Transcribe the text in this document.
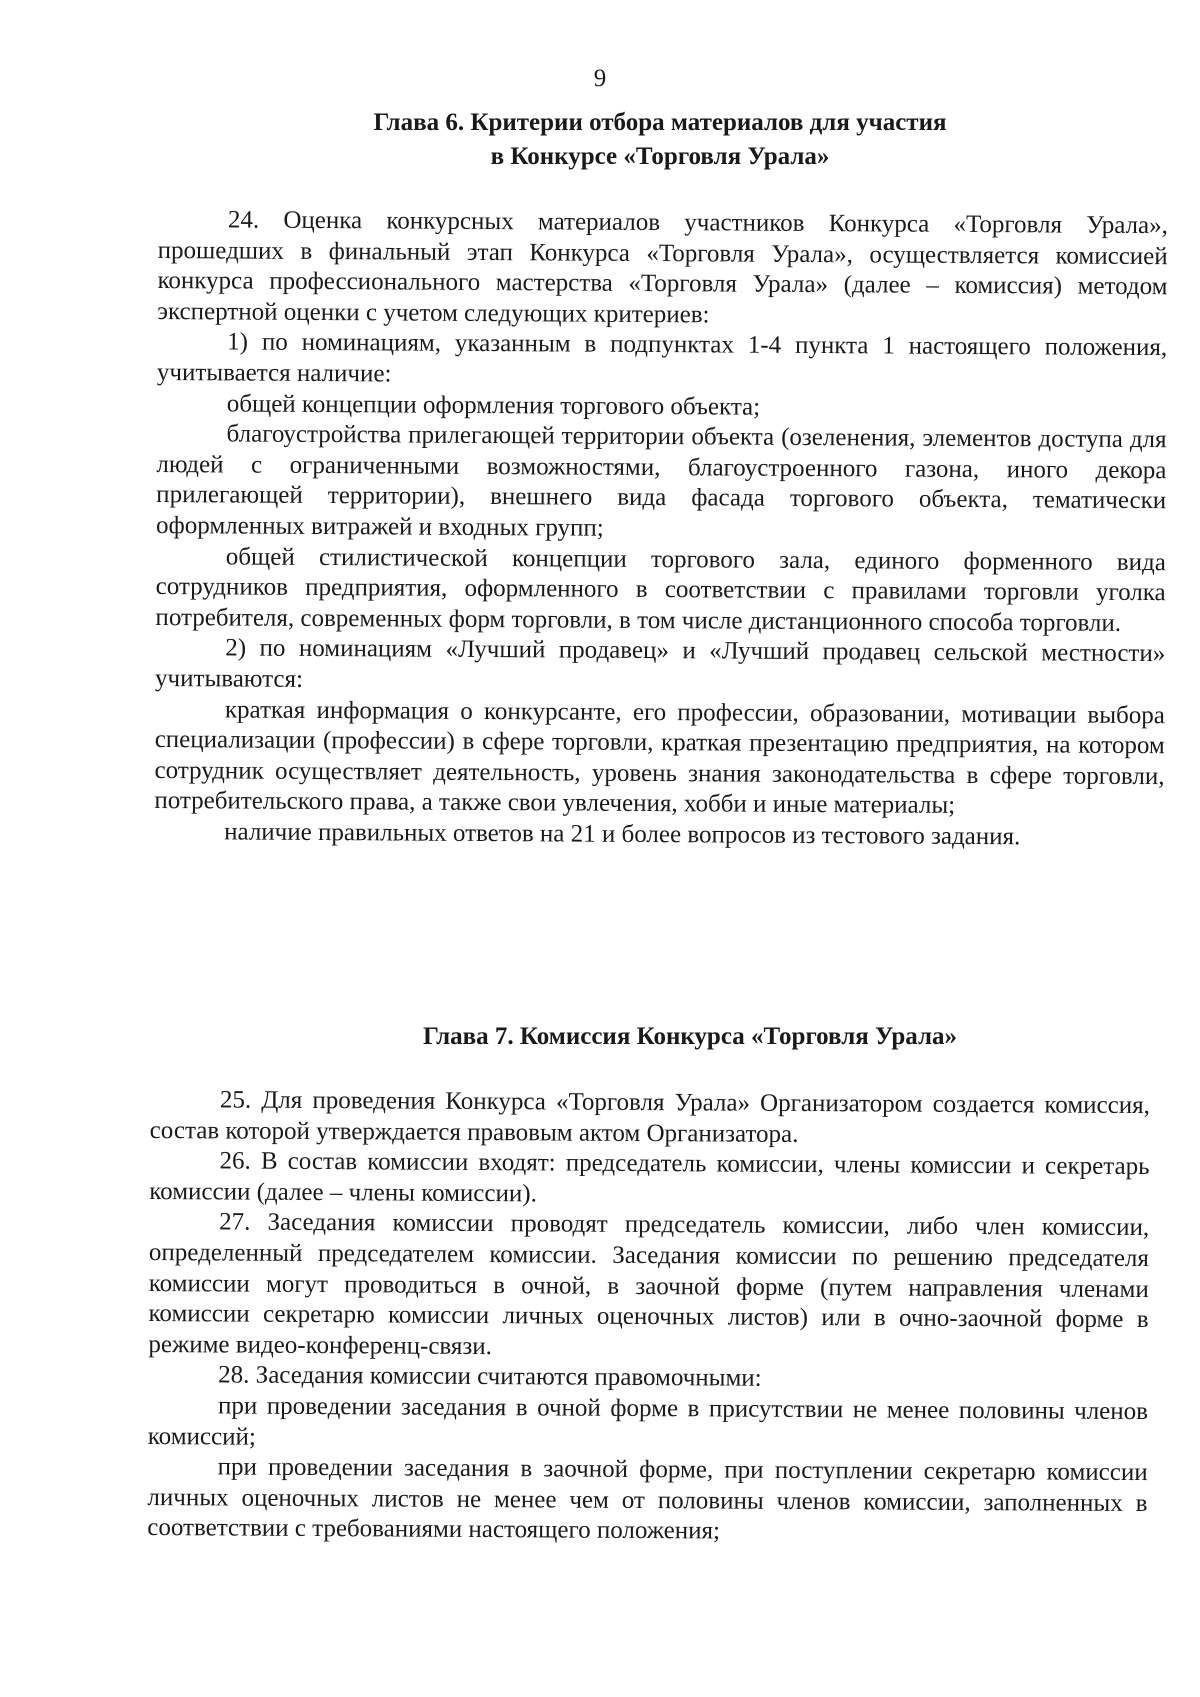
9
Глава 6. Критерии отбора материалов для участия
в Конкурсе «Торговля Урала»

24. Оценка конкурсных материалов участников Конкурса «Торговля Урала», прошедших в финальный этап Конкурса «Торговля Урала», осуществляется комиссией конкурса профессионального мастерства «Торговля Урала» (далее – комиссия) методом экспертной оценки с учетом следующих критериев:

1) по номинациям, указанным в подпунктах 1-4 пункта 1 настоящего положения, учитывается наличие:

общей концепции оформления торгового объекта;

благоустройства прилегающей территории объекта (озеленения, элементов доступа для людей с ограниченными возможностями, благоустроенного газона, иного декора прилегающей территории), внешнего вида фасада торгового объекта, тематически оформленных витражей и входных групп;

общей стилистической концепции торгового зала, единого форменного вида сотрудников предприятия, оформленного в соответствии с правилами торговли уголка потребителя, современных форм торговли, в том числе дистанционного способа торговли.

2) по номинациям «Лучший продавец» и «Лучший продавец сельской местности» учитываются:

краткая информация о конкурсанте, его профессии, образовании, мотивации выбора специализации (профессии) в сфере торговли, краткая презентацию предприятия, на котором сотрудник осуществляет деятельность, уровень знания законодательства в сфере торговли, потребительского права, а также свои увлечения, хобби и иные материалы;

наличие правильных ответов на 21 и более вопросов из тестового задания.

Глава 7. Комиссия Конкурса «Торговля Урала»

25. Для проведения Конкурса «Торговля Урала» Организатором создается комиссия, состав которой утверждается правовым актом Организатора.

26. В состав комиссии входят: председатель комиссии, члены комиссии и секретарь комиссии (далее – члены комиссии).

27. Заседания комиссии проводят председатель комиссии, либо член комиссии, определенный председателем комиссии. Заседания комиссии по решению председателя комиссии могут проводиться в очной, в заочной форме (путем направления членами комиссии секретарю комиссии личных оценочных листов) или в очно-заочной форме в режиме видео-конференц-связи.

28. Заседания комиссии считаются правомочными:

при проведении заседания в очной форме в присутствии не менее половины членов комиссий;

при проведении заседания в заочной форме, при поступлении секретарю комиссии личных оценочных листов не менее чем от половины членов комиссии, заполненных в соответствии с требованиями настоящего положения;
